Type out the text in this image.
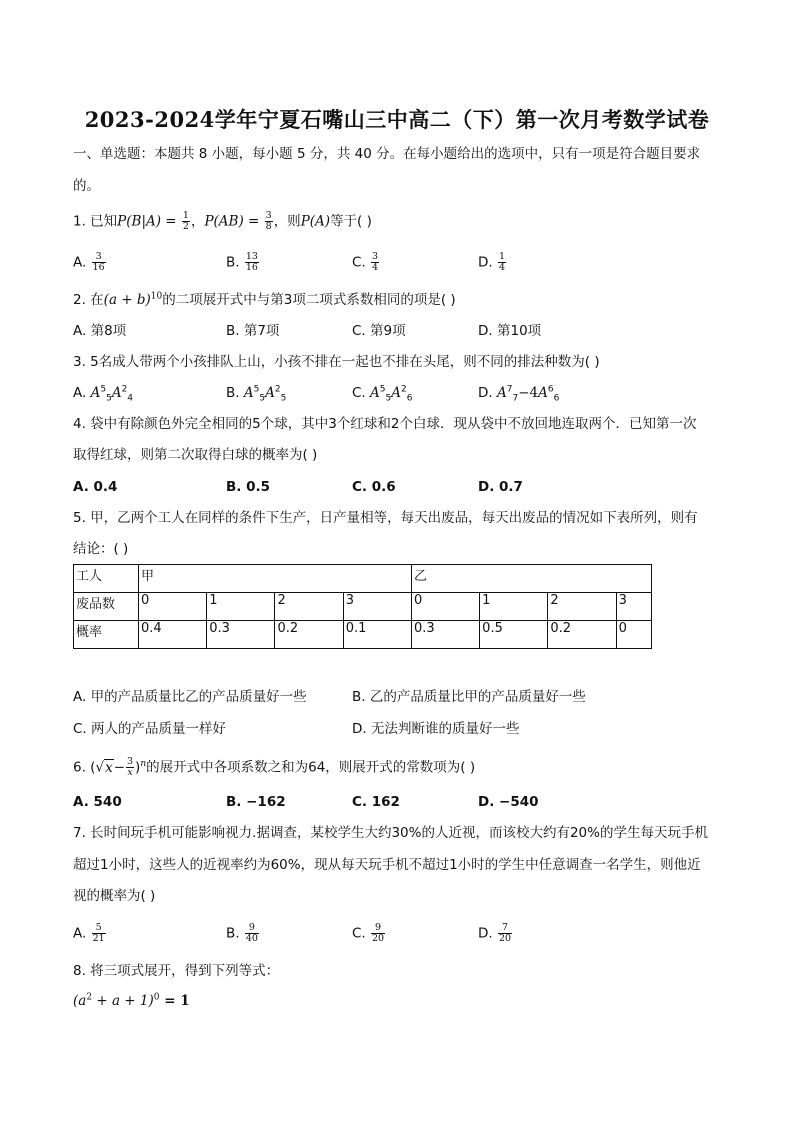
2023-2024学年宁夏石嘴山三中高二（下）第一次月考数学试卷
一、单选题：本题共 8 小题，每小题 5 分，共 40 分。在每小题给出的选项中，只有一项是符合题目要求
的。
1. 已知$P(B|A) = \frac{1}{2}$ ，$P(AB) = \frac{3}{8}$ ，则P(A)等于( )
A. $\frac{3}{16}$	B. $\frac{13}{16}$	C. $\frac{3}{4}$	D. $\frac{1}{4}$
2. 在$(a + b)^{10}$的二项展开式中与第3项二项式系数相同的项是( )
A. 第8项	B. 第7项	C. 第9项	D. 第10项
3. 5名成人带两个小孩排队上山，小孩不排在一起也不排在头尾，则不同的排法种数为( )
A. $A^5_5A^2_4$	B. $A^5_5A^2_5$	C. $A^5_5A^2_6$	D. $A^7_7-4A^6_6$
4. 袋中有除颜色外完全相同的5个球，其中3个红球和2个白球．现从袋中不放回地连取两个．已知第一次
取得红球，则第二次取得白球的概率为( )
A. 0.4	B. 0.5	C. 0.6	D. 0.7
5. 甲，乙两个工人在同样的条件下生产，日产量相等，每天出废品，每天出废品的情况如下表所列，则有
结论：( )
工人	甲				乙			
废品数	0	1	2	3	0	1	2	3
概率	0.4	0.3	0.2	0.1	0.3	0.5	0.2	0
A. 甲的产品质量比乙的产品质量好一些	B. 乙的产品质量比甲的产品质量好一些
C. 两人的产品质量一样好	D. 无法判断谁的质量好一些
6. $(√x- \frac{3}{x} )^n$的展开式中各项系数之和为64，则展开式的常数项为( )
A. 540	B. −162	C. 162	D. −540
7. 长时间玩手机可能影响视力.据调查，某校学生大约30%的人近视，而该校大约有20%的学生每天玩手机
超过1小时，这些人的近视率约为60%，现从每天玩手机不超过1小时的学生中任意调查一名学生，则他近
视的概率为( )
A. $\frac{5}{21}$	B. $\frac{9}{40}$	C. $\frac{9}{20}$	D. $\frac{7}{20}$
8. 将三项式展开，得到下列等式：
$(a^2 + a + 1)^0 = 1$
